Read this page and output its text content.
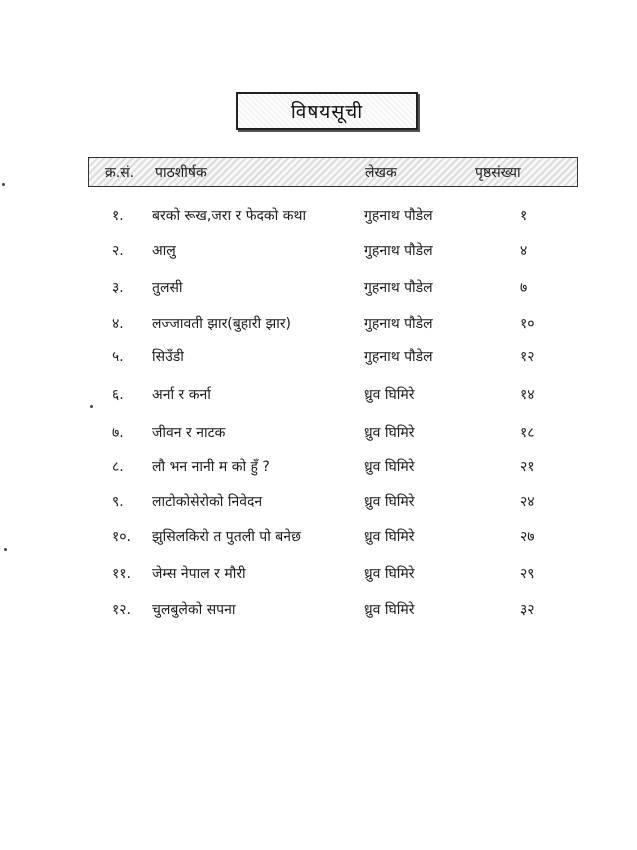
विषयसूची
क्र.सं. पाठशीर्षक	लेखक	पृष्ठसंख्या
१. बरको रूख,जरा र फेदको कथा	गुहनाथ पौडेल	१
२. आलु	गुहनाथ पौडेल	४
३. तुलसी	गुहनाथ पौडेल	७
४. लज्जावती झार(बुहारी झार)	गुहनाथ पौडेल	१०
५. सिउँडी	गुहनाथ पौडेल	१२
६. अर्ना र कर्ना	ध्रुव घिमिरे	१४
७. जीवन र नाटक	ध्रुव घिमिरे	१८
८. लौ भन नानी म को हुँ ?	ध्रुव घिमिरे	२१
९. लाटोकोसेरोको निवेदन	ध्रुव घिमिरे	२४
१०. झुसिलकिरो त पुतली पो बनेछ	ध्रुव घिमिरे	२७
११. जेम्स नेपाल र मौरी	ध्रुव घिमिरे	२९
१२. चुलबुलेको सपना	ध्रुव घिमिरे	३२
